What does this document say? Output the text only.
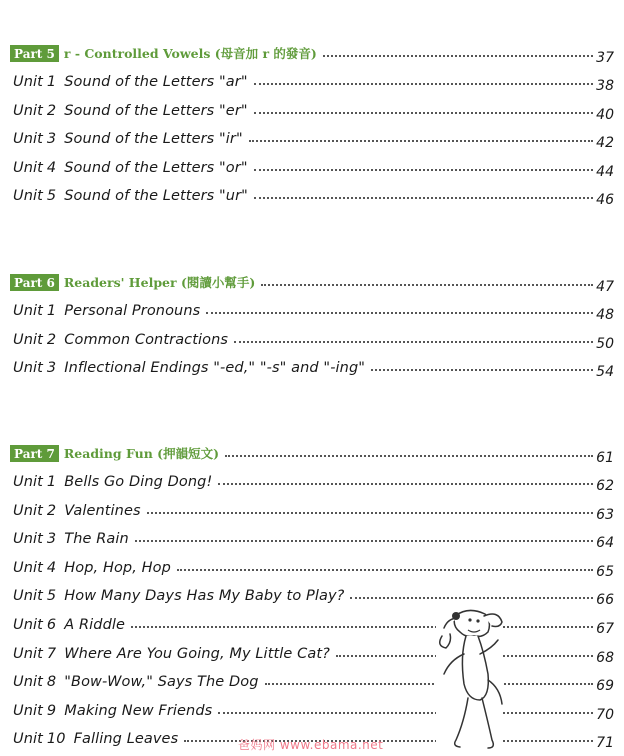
Part 5 r - Controlled Vowels (母音加 r 的發音)	37
Unit 1 Sound of the Letters "ar"	38
Unit 2 Sound of the Letters "er"	40
Unit 3 Sound of the Letters "ir"	42
Unit 4 Sound of the Letters "or"	44
Unit 5 Sound of the Letters "ur"	46
Part 6 Readers' Helper (閱讀小幫手)	47
Unit 1 Personal Pronouns	48
Unit 2 Common Contractions	50
Unit 3 Inflectional Endings "-ed," "-s" and "-ing"	54
Part 7 Reading Fun (押韻短文)	61
Unit 1 Bells Go Ding Dong!	62
Unit 2 Valentines	63
Unit 3 The Rain	64
Unit 4 Hop, Hop, Hop	65
Unit 5 How Many Days Has My Baby to Play?	66
Unit 6 A Riddle	67
Unit 7 Where Are You Going, My Little Cat?	68
Unit 8 "Bow-Wow," Says The Dog	69
Unit 9 Making New Friends	70
Unit 10 Falling Leaves	71
爸妈网 www.ebama.net
